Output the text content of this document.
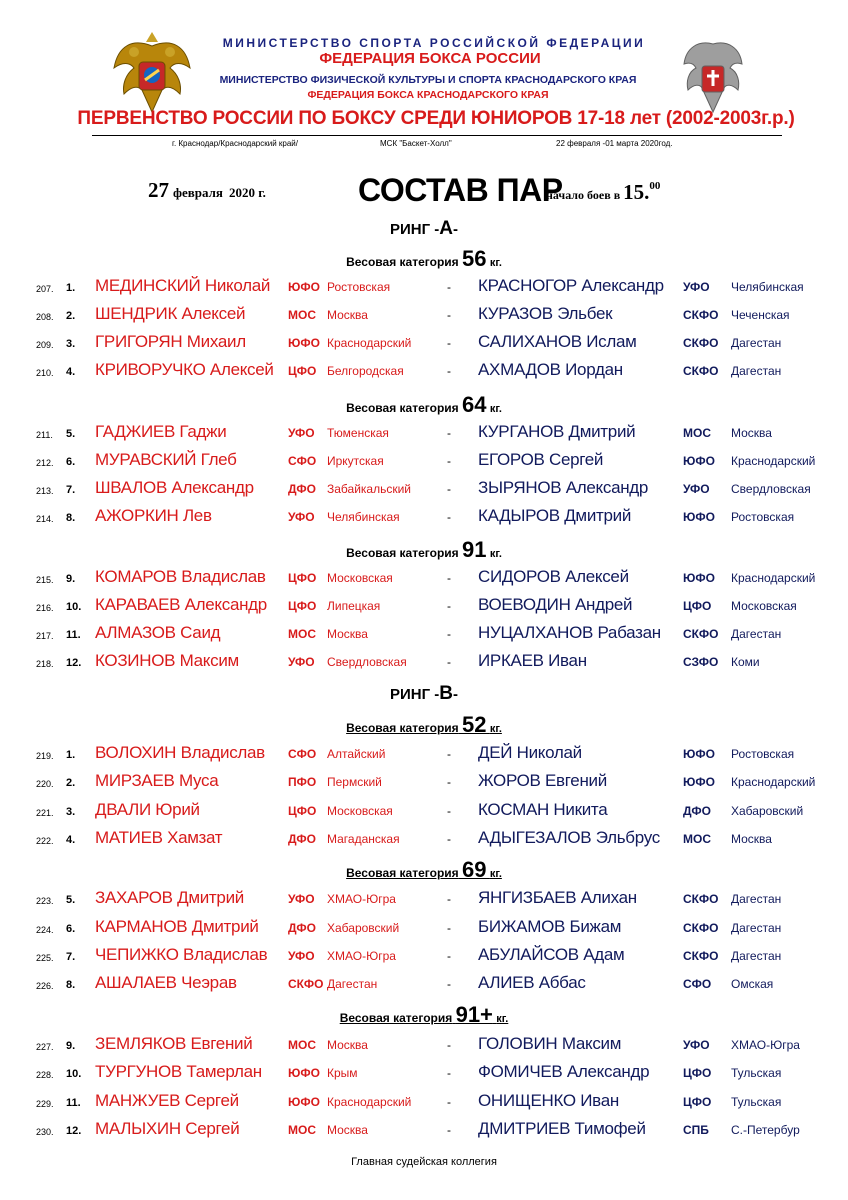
МИНИСТЕРСТВО СПОРТА РОССИЙСКОЙ ФЕДЕРАЦИИ
ФЕДЕРАЦИЯ БОКСА РОССИИ
МИНИСТЕРСТВО ФИЗИЧЕСКОЙ КУЛЬТУРЫ И СПОРТА КРАСНОДАРСКОГО КРАЯ
ФЕДЕРАЦИЯ БОКСА КРАСНОДАРСКОГО КРАЯ
ПЕРВЕНСТВО РОССИИ ПО БОКСУ СРЕДИ ЮНИОРОВ 17-18 лет (2002-2003г.р.)
г. Краснодар/Краснодарский край/	МСК "Баскет-Холл"	22 февраля -01 марта 2020год.
27 февраля 2020 г.	СОСТАВ ПАР
начало боев в 15.00
РИНГ -А-
Весовая категория 56 кг.
207. 1. МЕДИНСКИЙ Николай ЮФО Ростовская	- КРАСНОГОР Александр УФО Челябинская
208. 2. ШЕНДРИК Алексей	МОС Москва	- КУРАЗОВ Эльбек	СКФО Чеченская
209. 3. ГРИГОРЯН Михаил	ЮФО Краснодарский	- САЛИХАНОВ Ислам	СКФО Дагестан
210. 4. КРИВОРУЧКО Алексей ЦФО Белгородская	- АХМАДОВ Иордан	СКФО Дагестан
Весовая категория 64 кг.
211. 5. ГАДЖИЕВ Гаджи	УФО Тюменская	- КУРГАНОВ Дмитрий	МОС Москва
212. 6. МУРАВСКИЙ Глеб	СФО Иркутская	- ЕГОРОВ Сергей	ЮФО Краснодарский
213. 7. ШВАЛОВ Александр	ДФО Забайкальский	- ЗЫРЯНОВ Александр	УФО Свердловская
214. 8. АЖОРКИН Лев	УФО Челябинская	- КАДЫРОВ Дмитрий	ЮФО Ростовская
Весовая категория 91 кг.
215. 9. КОМАРОВ Владислав ЦФО Московская	- СИДОРОВ Алексей	ЮФО Краснодарский
216. 10. КАРАВАЕВ Александр ЦФО Липецкая	- ВОЕВОДИН Андрей	ЦФО Московская
217. 11. АЛМАЗОВ Саид	МОС Москва	- НУЦАЛХАНОВ Рабазан СКФО Дагестан
218. 12. КОЗИНОВ Максим	УФО Свердловская	- ИРКАЕВ Иван	СЗФО Коми
РИНГ -В-
Весовая категория 52 кг.
219. 1. ВОЛОХИН Владислав СФО Алтайский	- ДЕЙ Николай	ЮФО Ростовская
220. 2. МИРЗАЕВ Муса	ПФО Пермский	- ЖОРОВ Евгений	ЮФО Краснодарский
221. 3. ДВАЛИ Юрий	ЦФО Московская	- КОСМАН Никита	ДФО Хабаровский
222. 4. МАТИЕВ Хамзат	ДФО Магаданская	- АДЫГЕЗАЛОВ Эльбрус МОС Москва
Весовая категория 69 кг.
223. 5. ЗАХАРОВ Дмитрий	УФО ХМАО-Югра	- ЯНГИЗБАЕВ Алихан	СКФО Дагестан
224. 6. КАРМАНОВ Дмитрий ДФО Хабаровский	- БИЖАМОВ Бижам	СКФО Дагестан
225. 7. ЧЕПИЖКО Владислав УФО ХМАО-Югра	- АБУЛАЙСОВ Адам	СКФО Дагестан
226. 8. АШАЛАЕВ Чеэрав	СКФО Дагестан	- АЛИЕВ Аббас	СФО Омская
Весовая категория 91+ кг.
227. 9. ЗЕМЛЯКОВ Евгений	МОС Москва	- ГОЛОВИН Максим	УФО ХМАО-Югра
228. 10. ТУРГУНОВ Тамерлан ЮФО Крым	- ФОМИЧЕВ Александр	ЦФО Тульская
229. 11. МАНЖУЕВ Сергей	ЮФО Краснодарский	- ОНИЩЕНКО Иван	ЦФО Тульская
230. 12. МАЛЫХИН Сергей	МОС Москва	- ДМИТРИЕВ Тимофей	СПБ С.-Петербур
Главная судейская коллегия
